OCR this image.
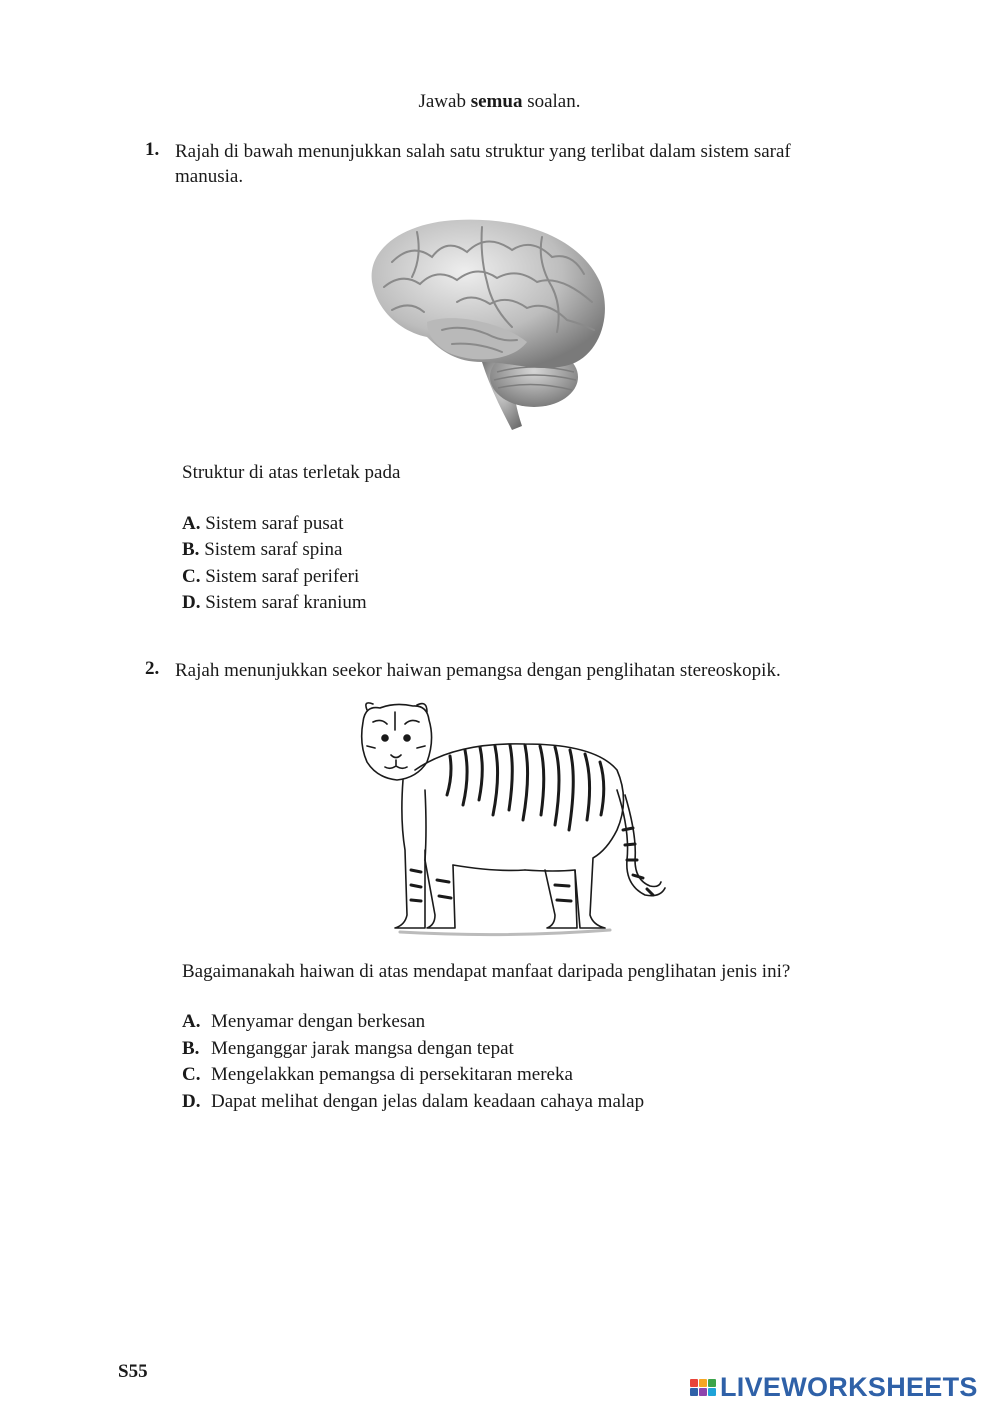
Jawab semua soalan.
1. Rajah di bawah menunjukkan salah satu struktur yang terlibat dalam sistem saraf
manusia.
Struktur di atas terletak pada
A. Sistem saraf pusat
B. Sistem saraf spina
C. Sistem saraf periferi
D. Sistem saraf kranium
2. Rajah menunjukkan seekor haiwan pemangsa dengan penglihatan stereoskopik.
Bagaimanakah haiwan di atas mendapat manfaat daripada penglihatan jenis ini?
A. Menyamar dengan berkesan
B. Menganggar jarak mangsa dengan tepat
C. Mengelakkan pemangsa di persekitaran mereka
D. Dapat melihat dengan jelas dalam keadaan cahaya malap
S55
LIVEWORKSHEETS
